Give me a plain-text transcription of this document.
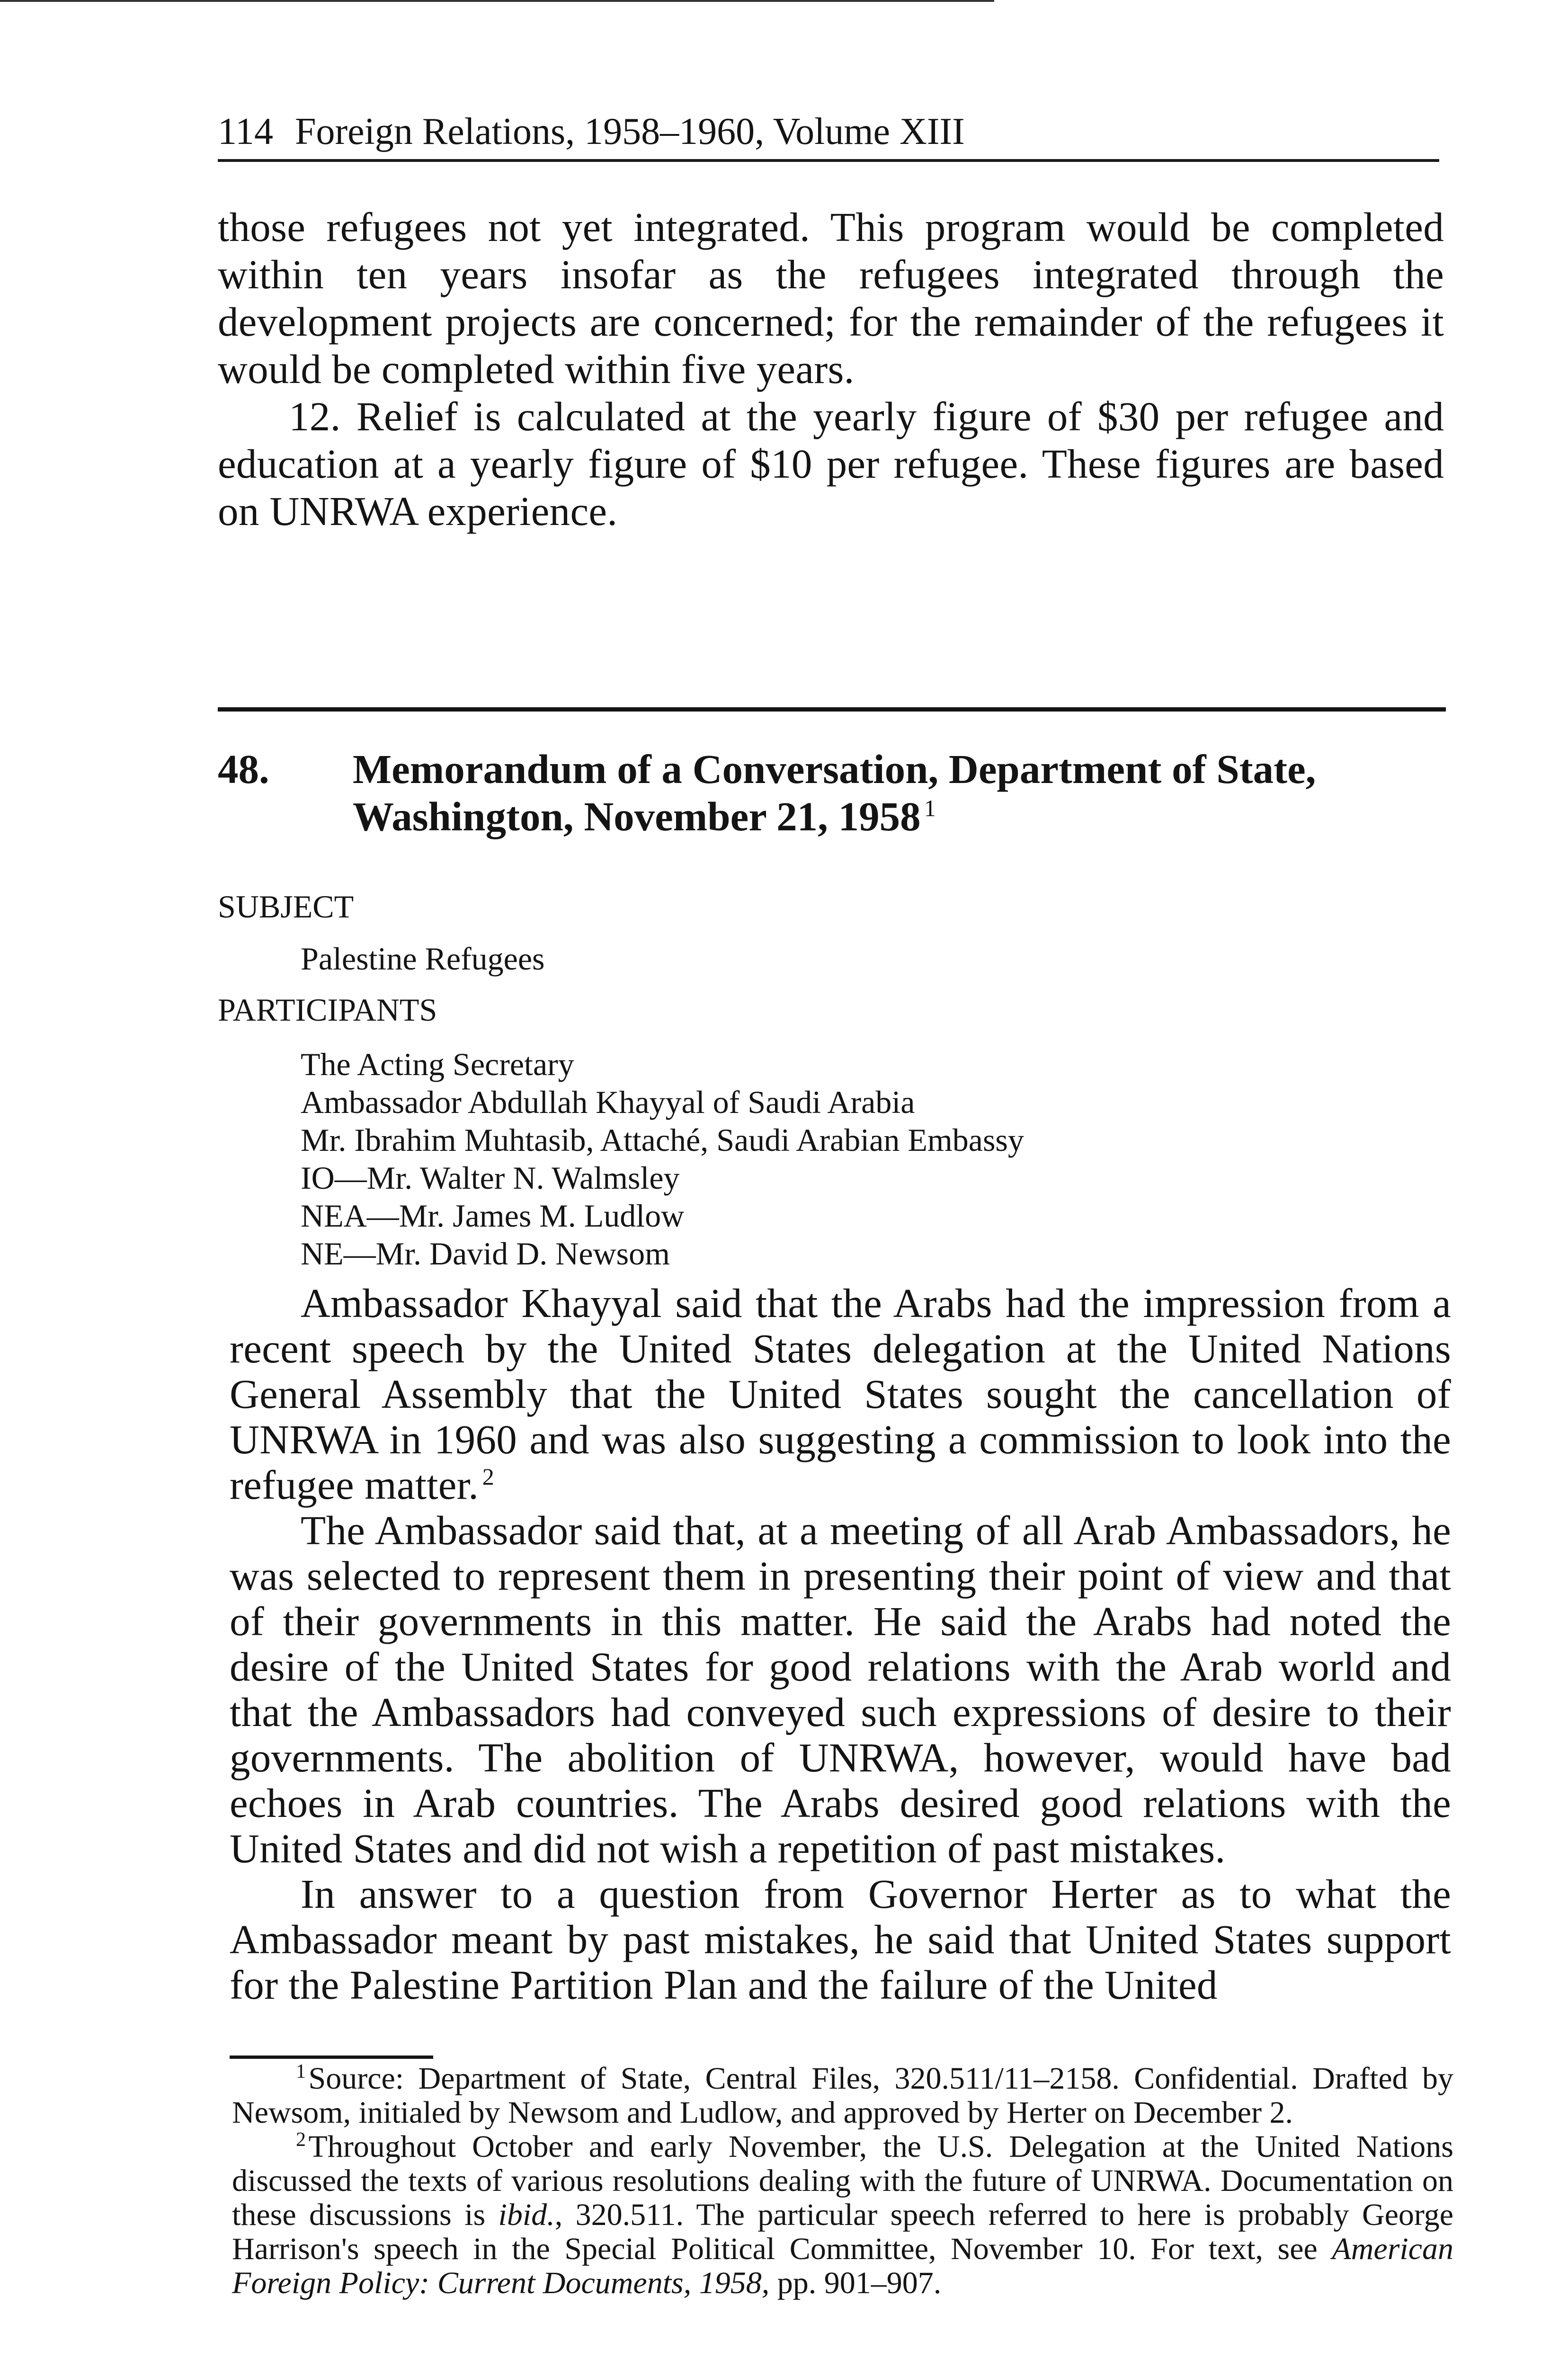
114 Foreign Relations, 1958–1960, Volume XIII

those refugees not yet integrated. This program would be completed within ten years insofar as the refugees integrated through the development projects are concerned; for the remainder of the refugees it would be completed within five years.

12. Relief is calculated at the yearly figure of $30 per refugee and education at a yearly figure of $10 per refugee. These figures are based on UNRWA experience.

48. Memorandum of a Conversation, Department of State, Washington, November 21, 1958  $^1$
SUBJECT
Palestine Refugees
PARTICIPANTS
The Acting Secretary
Ambassador Abdullah Khayyal of Saudi Arabia
Mr. Ibrahim Muhtasib, Attaché, Saudi Arabian Embassy
IO—Mr. Walter N. Walmsley
NEA—Mr. James M. Ludlow
NE—Mr. David D. Newsom

Ambassador Khayyal said that the Arabs had the impression from a recent speech by the United States delegation at the United Nations General Assembly that the United States sought the cancellation of UNRWA in 1960 and was also suggesting a commission to look into the refugee matter.  $^2$

The Ambassador said that, at a meeting of all Arab Ambassadors, he was selected to represent them in presenting their point of view and that of their governments in this matter. He said the Arabs had noted the desire of the United States for good relations with the Arab world and that the Ambassadors had conveyed such expressions of desire to their governments. The abolition of UNRWA, however, would have bad echoes in Arab countries. The Arabs desired good relations with the United States and did not wish a repetition of past mistakes.

In answer to a question from Governor Herter as to what the Ambassador meant by past mistakes, he said that United States support for the Palestine Partition Plan and the failure of the United

$^1$ Source: Department of State, Central Files, 320.511/11–2158. Confidential. Drafted by Newsom, initialed by Newsom and Ludlow, and approved by Herter on December 2.

$^2$ Throughout October and early November, the U.S. Delegation at the United Nations discussed the texts of various resolutions dealing with the future of UNRWA. Documentation on these discussions is ibid., 320.511. The particular speech referred to here is probably George Harrison's speech in the Special Political Committee, November 10. For text, see American Foreign Policy: Current Documents, 1958, pp. 901–907.
